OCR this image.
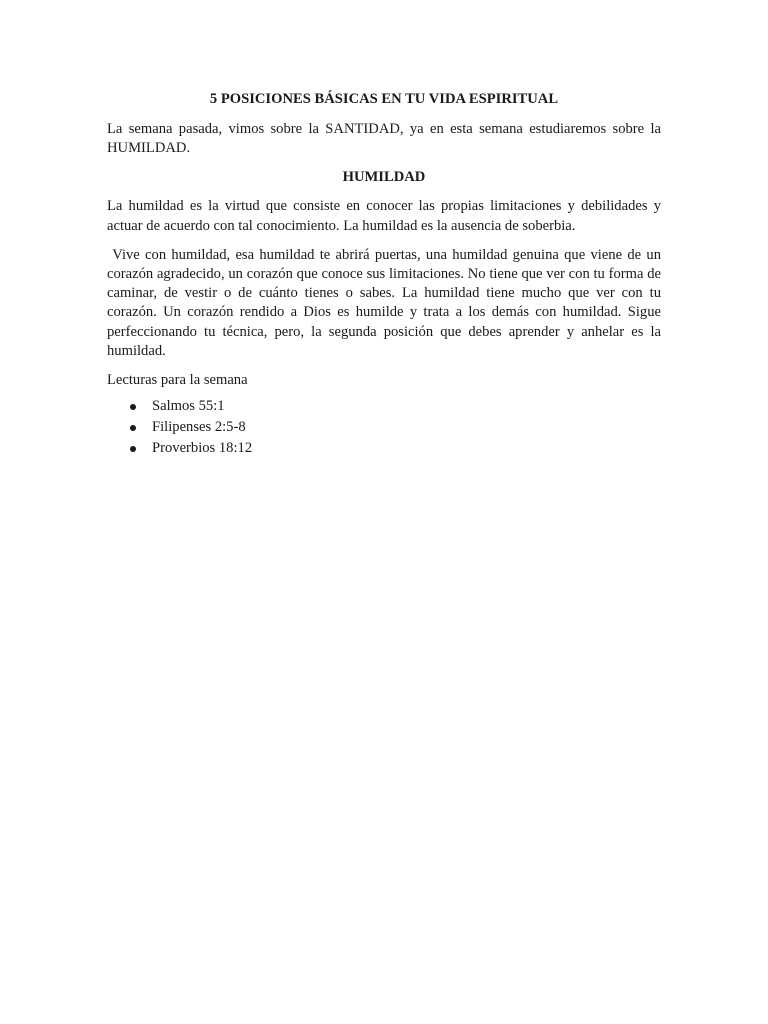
5 POSICIONES BÁSICAS EN TU VIDA ESPIRITUAL

La semana pasada, vimos sobre la SANTIDAD, ya en esta semana estudiaremos sobre la HUMILDAD.

HUMILDAD

La humildad es la virtud que consiste en conocer las propias limitaciones y debilidades y actuar de acuerdo con tal conocimiento. La humildad es la ausencia de soberbia.

Vive con humildad, esa humildad te abrirá puertas, una humildad genuina que viene de un corazón agradecido, un corazón que conoce sus limitaciones. No tiene que ver con tu forma de caminar, de vestir o de cuánto tienes o sabes. La humildad tiene mucho que ver con tu corazón. Un corazón rendido a Dios es humilde y trata a los demás con humildad. Sigue perfeccionando tu técnica, pero, la segunda posición que debes aprender y anhelar es la humildad.

Lecturas para la semana

Salmos 55:1
Filipenses 2:5-8
Proverbios 18:12
